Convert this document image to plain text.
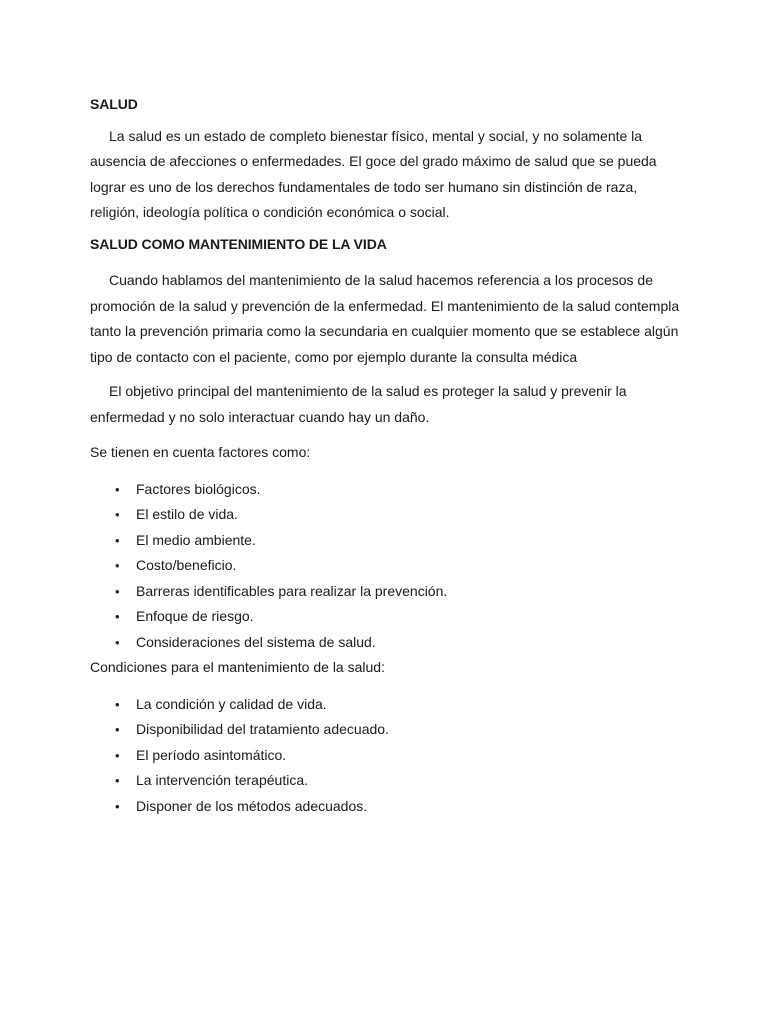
SALUD

La salud es un estado de completo bienestar físico, mental y social, y no solamente la ausencia de afecciones o enfermedades. El goce del grado máximo de salud que se pueda lograr es uno de los derechos fundamentales de todo ser humano sin distinción de raza, religión, ideología política o condición económica o social.

SALUD COMO MANTENIMIENTO DE LA VIDA

Cuando hablamos del mantenimiento de la salud hacemos referencia a los procesos de promoción de la salud y prevención de la enfermedad. El mantenimiento de la salud contempla tanto la prevención primaria como la secundaria en cualquier momento que se establece algún tipo de contacto con el paciente, como por ejemplo durante la consulta médica

El objetivo principal del mantenimiento de la salud es proteger la salud y prevenir la enfermedad y no solo interactuar cuando hay un daño.

Se tienen en cuenta factores como:

• Factores biológicos.
• El estilo de vida.
• El medio ambiente.
• Costo/beneficio.
• Barreras identificables para realizar la prevención.
• Enfoque de riesgo.
• Consideraciones del sistema de salud.

Condiciones para el mantenimiento de la salud:

• La condición y calidad de vida.
• Disponibilidad del tratamiento adecuado.
• El período asintomático.
• La intervención terapéutica.
• Disponer de los métodos adecuados.
